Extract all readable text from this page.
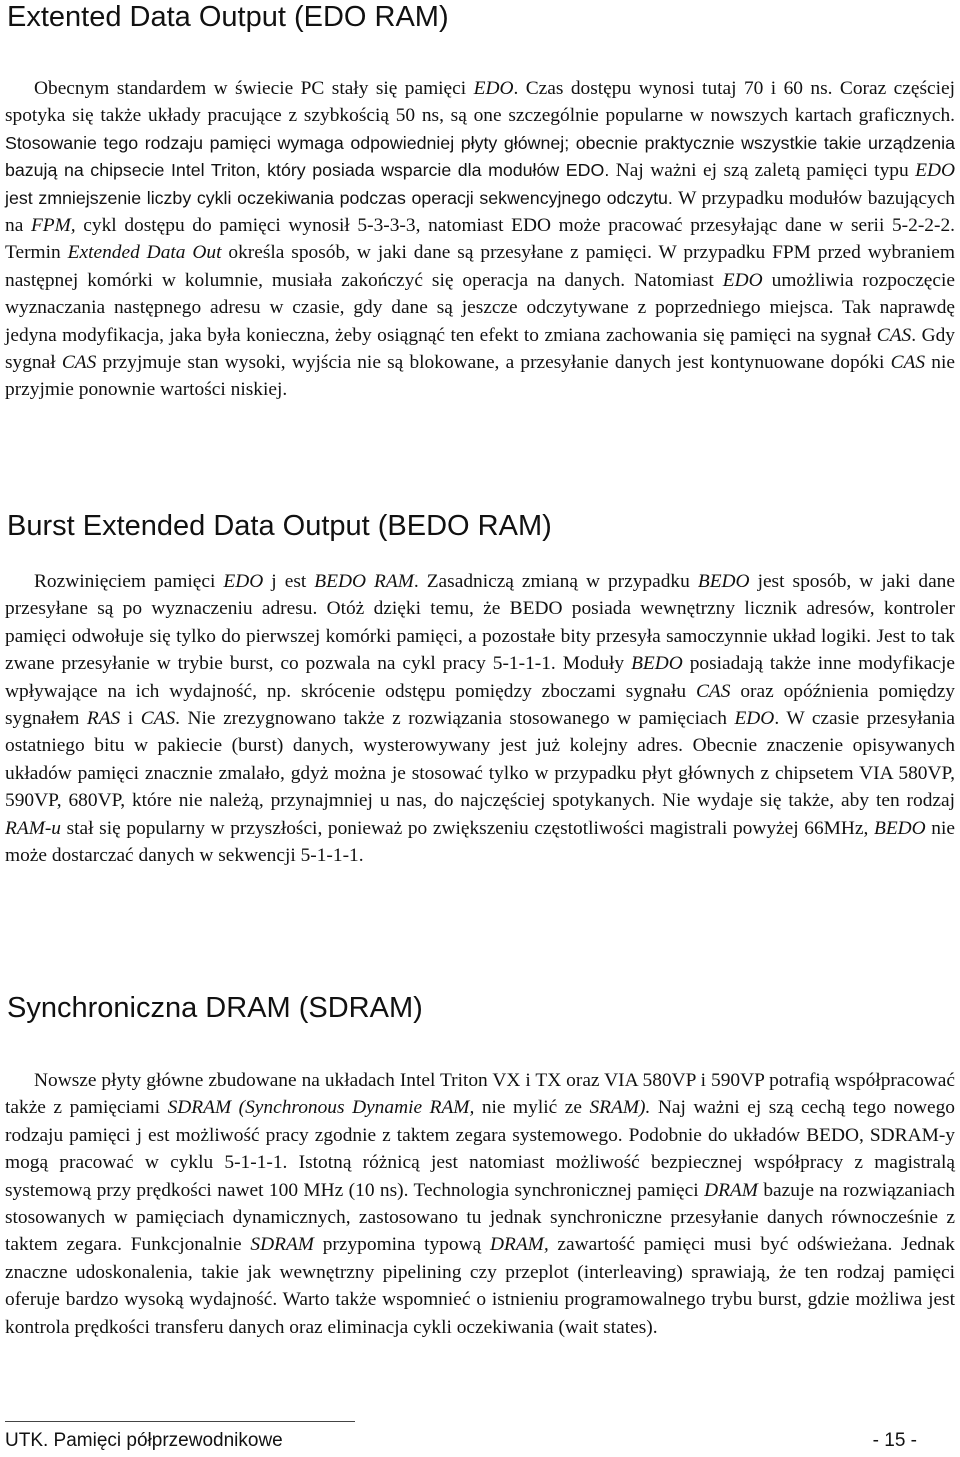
Extented Data Output (EDO RAM)

Obecnym standardem w świecie PC stały się pamięci EDO. Czas dostępu wynosi tutaj 70 i 60 ns. Coraz częściej spotyka się także układy pracujące z szybkością 50 ns, są one szczególnie popularne w nowszych kartach graficznych. Stosowanie tego rodzaju pamięci wymaga odpowiedniej płyty głównej; obecnie praktycznie wszystkie takie urządzenia bazują na chipsecie Intel Triton, który posiada wsparcie dla modułów EDO. Naj ważni ej szą zaletą pamięci typu EDO jest zmniejszenie liczby cykli oczekiwania podczas operacji sekwencyjnego odczytu. W przypadku modułów bazujących na FPM, cykl dostępu do pamięci wynosił 5-3-3-3, natomiast EDO może pracować przesyłając dane w serii 5-2-2-2. Termin Extended Data Out określa sposób, w jaki dane są przesyłane z pamięci. W przypadku FPM przed wybraniem następnej komórki w kolumnie, musiała zakończyć się operacja na danych. Natomiast EDO umożliwia rozpoczęcie wyznaczania następnego adresu w czasie, gdy dane są jeszcze odczytywane z poprzedniego miejsca. Tak naprawdę jedyna modyfikacja, jaka była konieczna, żeby osiągnąć ten efekt to zmiana zachowania się pamięci na sygnał CAS. Gdy sygnał CAS przyjmuje stan wysoki, wyjścia nie są blokowane, a przesyłanie danych jest kontynuowane dopóki CAS nie przyjmie ponownie wartości niskiej.

Burst Extended Data Output (BEDO RAM)

Rozwinięciem pamięci EDO j est BEDO RAM. Zasadniczą zmianą w przypadku BEDO jest sposób, w jaki dane przesyłane są po wyznaczeniu adresu. Otóż dzięki temu, że BEDO posiada wewnętrzny licznik adresów, kontroler pamięci odwołuje się tylko do pierwszej komórki pamięci, a pozostałe bity przesyła samoczynnie układ logiki. Jest to tak zwane przesyłanie w trybie burst, co pozwala na cykl pracy 5-1-1-1. Moduły BEDO posiadają także inne modyfikacje wpływające na ich wydajność, np. skrócenie odstępu pomiędzy zboczami sygnału CAS oraz opóźnienia pomiędzy sygnałem RAS i CAS. Nie zrezygnowano także z rozwiązania stosowanego w pamięciach EDO. W czasie przesyłania ostatniego bitu w pakiecie (burst) danych, wysterowywany jest już kolejny adres. Obecnie znaczenie opisywanych układów pamięci znacznie zmalało, gdyż można je stosować tylko w przypadku płyt głównych z chipsetem VIA 580VP, 590VP, 680VP, które nie należą, przynajmniej u nas, do najczęściej spotykanych. Nie wydaje się także, aby ten rodzaj RAM-u stał się popularny w przyszłości, ponieważ po zwiększeniu częstotliwości magistrali powyżej 66MHz, BEDO nie może dostarczać danych w sekwencji 5-1-1-1.

Synchroniczna DRAM (SDRAM)

Nowsze płyty główne zbudowane na układach Intel Triton VX i TX oraz VIA 580VP i 590VP potrafią współpracować także z pamięciami SDRAM (Synchronous Dynamie RAM, nie mylić ze SRAM). Naj ważni ej szą cechą tego nowego rodzaju pamięci j est możliwość pracy zgodnie z taktem zegara systemowego. Podobnie do układów BEDO, SDRAM-y mogą pracować w cyklu 5-1-1-1. Istotną różnicą jest natomiast możliwość bezpiecznej współpracy z magistralą systemową przy prędkości nawet 100 MHz (10 ns). Technologia synchronicznej pamięci DRAM bazuje na rozwiązaniach stosowanych w pamięciach dynamicznych, zastosowano tu jednak synchroniczne przesyłanie danych równocześnie z taktem zegara. Funkcjonalnie SDRAM przypomina typową DRAM, zawartość pamięci musi być odświeżana. Jednak znaczne udoskonalenia, takie jak wewnętrzny pipelining czy przeplot (interleaving) sprawiają, że ten rodzaj pamięci oferuje bardzo wysoką wydajność. Warto także wspomnieć o istnieniu programowalnego trybu burst, gdzie możliwa jest kontrola prędkości transferu danych oraz eliminacja cykli oczekiwania (wait states).

UTK. Pamięci półprzewodnikowe	- 15 -
